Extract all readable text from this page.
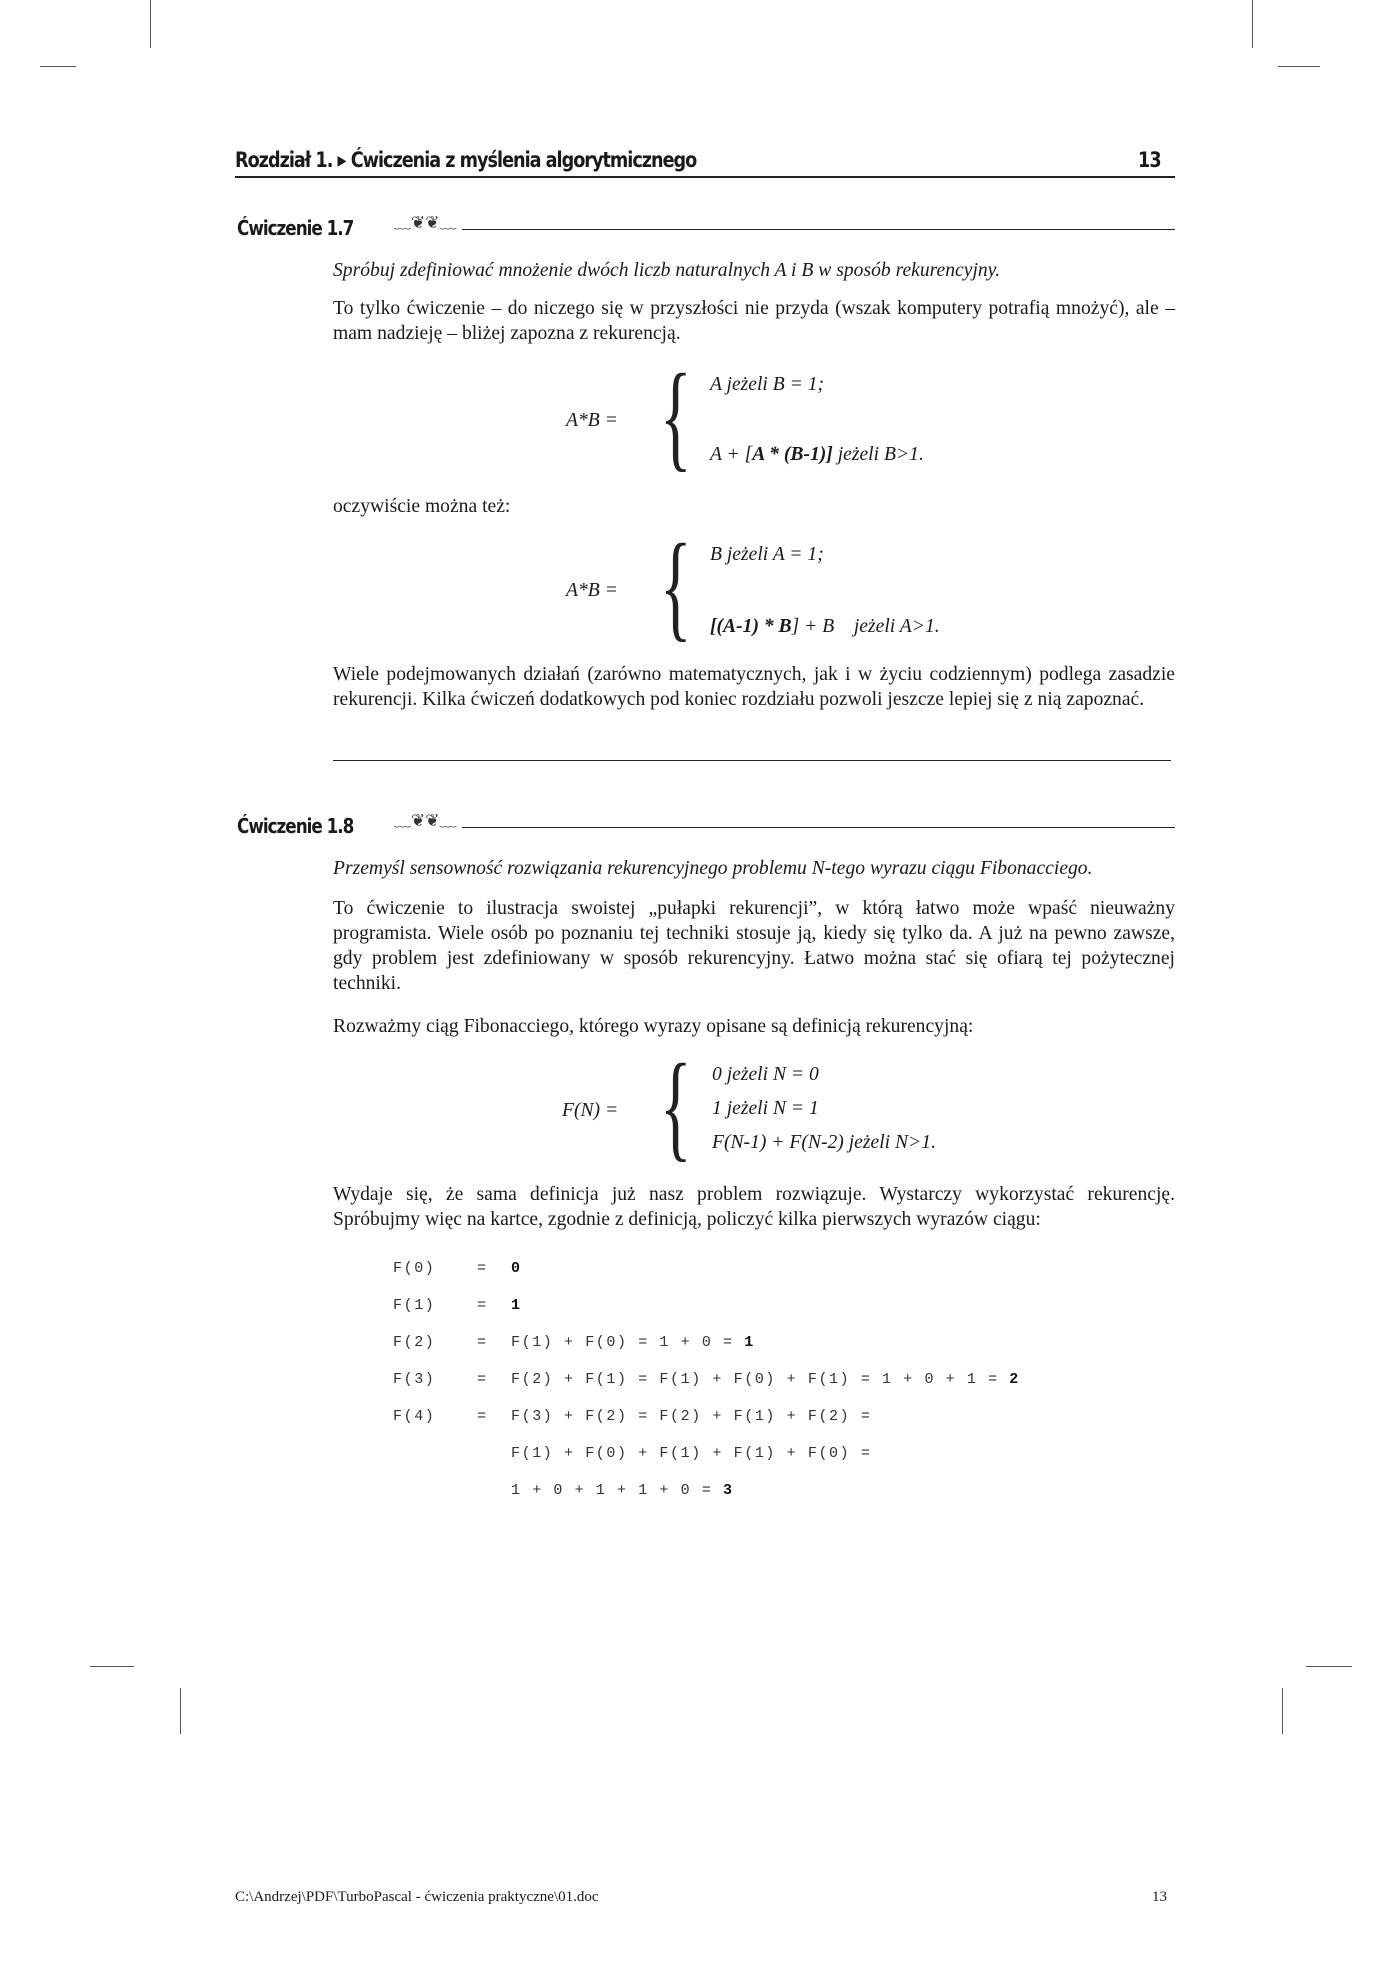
Rozdział 1. ▶ Ćwiczenia z myślenia algorytmicznego	13
Ćwiczenie 1.7 ﹏❦❦﹏

Spróbuj zdefiniować mnożenie dwóch liczb naturalnych A i B w sposób rekurencyjny.

To tylko ćwiczenie – do niczego się w przyszłości nie przyda (wszak komputery potrafią mnożyć), ale – mam nadzieję – bliżej zapozna z rekurencją.

A*B = { A jeżeli B = 1;
A + [A * (B-1)] jeżeli B>1.
oczywiście można też:
A*B = { B jeżeli A = 1;
[(A-1) * B] + B jeżeli A>1.

Wiele podejmowanych działań (zarówno matematycznych, jak i w życiu codziennym) podlega zasadzie rekurencji. Kilka ćwiczeń dodatkowych pod koniec rozdziału pozwoli jeszcze lepiej się z nią zapoznać.

Ćwiczenie 1.8 ﹏❦❦﹏

Przemyśl sensowność rozwiązania rekurencyjnego problemu N-tego wyrazu ciągu Fibonacciego.

To ćwiczenie to ilustracja swoistej „pułapki rekurencji”, w którą łatwo może wpaść nieuważny programista. Wiele osób po poznaniu tej techniki stosuje ją, kiedy się tylko da. A już na pewno zawsze, gdy problem jest zdefiniowany w sposób rekurencyjny. Łatwo można stać się ofiarą tej pożytecznej techniki.

Rozważmy ciąg Fibonacciego, którego wyrazy opisane są definicją rekurencyjną:

F(N) = { 0 jeżeli N = 0
1 jeżeli N = 1
F(N-1) + F(N-2) jeżeli N>1.

Wydaje się, że sama definicja już nasz problem rozwiązuje. Wystarczy wykorzystać rekurencję. Spróbujmy więc na kartce, zgodnie z definicją, policzyć kilka pierwszych wyrazów ciągu:

F(0)	= 0
F(1)	= 1
F(2)	= F(1) + F(0) = 1 + 0 = 1
F(3)	= F(2) + F(1) = F(1) + F(0) + F(1) = 1 + 0 + 1 = 2
F(4)	= F(3) + F(2) = F(2) + F(1) + F(2) =
F(1) + F(0) + F(1) + F(1) + F(0) =
1 + 0 + 1 + 1 + 0 = 3
C:\Andrzej\PDF\TurboPascal - ćwiczenia praktyczne\01.doc	13
